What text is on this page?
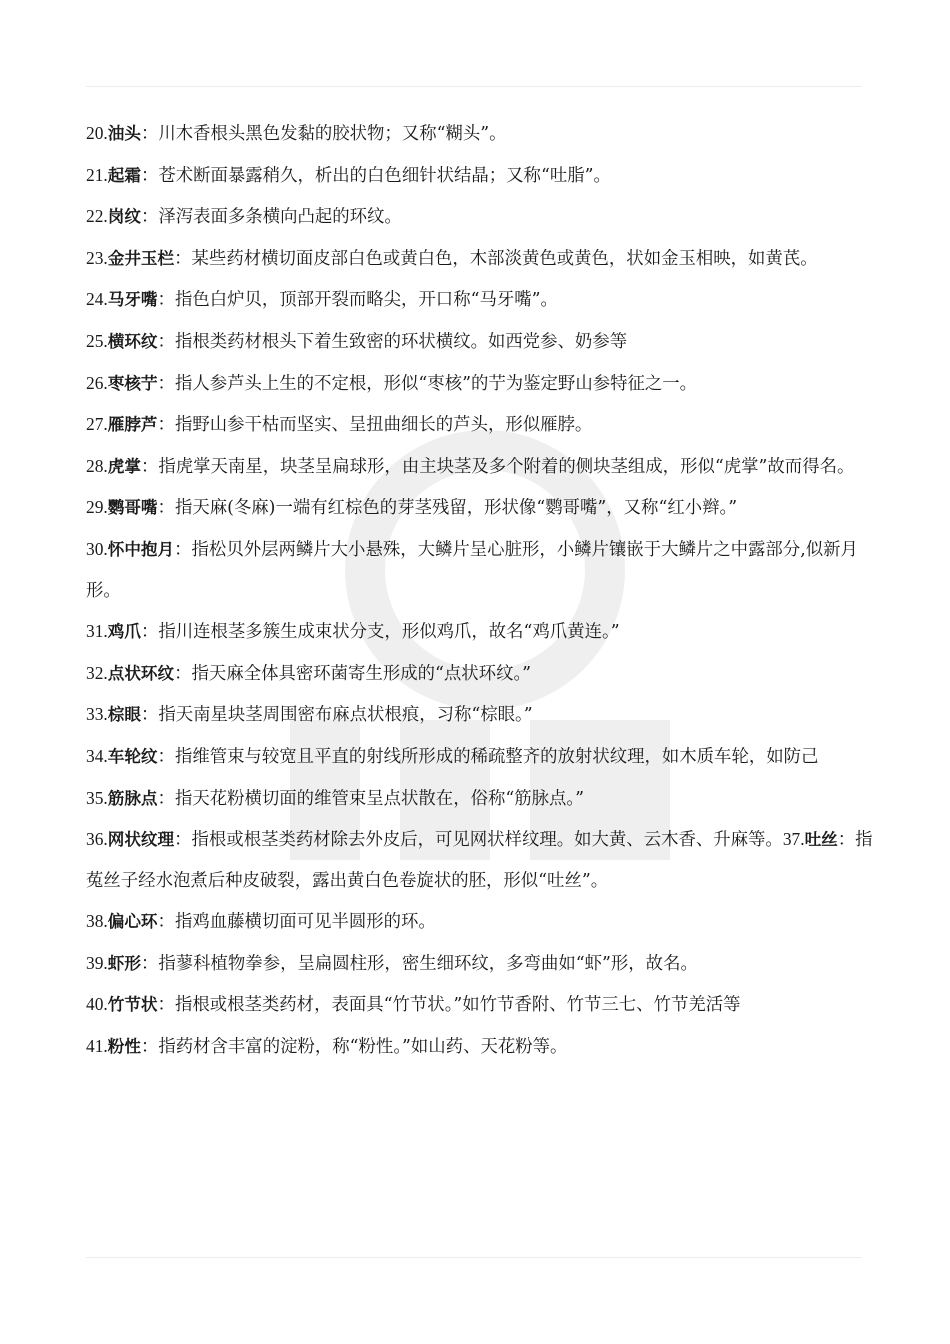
20.油头：川木香根头黑色发黏的胶状物；又称“糊头”。

21.起霜：苍术断面暴露稍久，析出的白色细针状结晶；又称“吐脂”。

22.岗纹：泽泻表面多条横向凸起的环纹。

23.金井玉栏：某些药材横切面皮部白色或黄白色，木部淡黄色或黄色，状如金玉相映，如黄芪。

24.马牙嘴：指色白炉贝，顶部开裂而略尖，开口称“马牙嘴”。

25.横环纹：指根类药材根头下着生致密的环状横纹。如西党参、奶参等

26.枣核艼：指人参芦头上生的不定根，形似“枣核”的艼为鉴定野山参特征之一。

27.雁脖芦：指野山参干枯而坚实、呈扭曲细长的芦头，形似雁脖。

28.虎掌：指虎掌天南星，块茎呈扁球形，由主块茎及多个附着的侧块茎组成，形似“虎掌”故而得名。

29.鹦哥嘴：指天麻(冬麻)一端有红棕色的芽茎残留，形状像“鹦哥嘴”，又称“红小辫。”

30.怀中抱月：指松贝外层两鳞片大小悬殊，大鳞片呈心脏形，小鳞片镶嵌于大鳞片之中露部分,似新月形。

31.鸡爪：指川连根茎多簇生成束状分支，形似鸡爪，故名“鸡爪黄连。”

32.点状环纹：指天麻全体具密环菌寄生形成的“点状环纹。”

33.棕眼：指天南星块茎周围密布麻点状根痕，习称“棕眼。”

34.车轮纹：指维管束与较宽且平直的射线所形成的稀疏整齐的放射状纹理，如木质车轮，如防己

35.筋脉点：指天花粉横切面的维管束呈点状散在，俗称“筋脉点。”

36.网状纹理：指根或根茎类药材除去外皮后，可见网状样纹理。如大黄、云木香、升麻等。37.吐丝：指菟丝子经水泡煮后种皮破裂，露出黄白色卷旋状的胚，形似“吐丝”。

38.偏心环：指鸡血藤横切面可见半圆形的环。

39.虾形：指蓼科植物拳参，呈扁圆柱形，密生细环纹，多弯曲如“虾”形，故名。

40.竹节状：指根或根茎类药材，表面具“竹节状。”如竹节香附、竹节三七、竹节羌活等

41.粉性：指药材含丰富的淀粉，称“粉性。”如山药、天花粉等。
